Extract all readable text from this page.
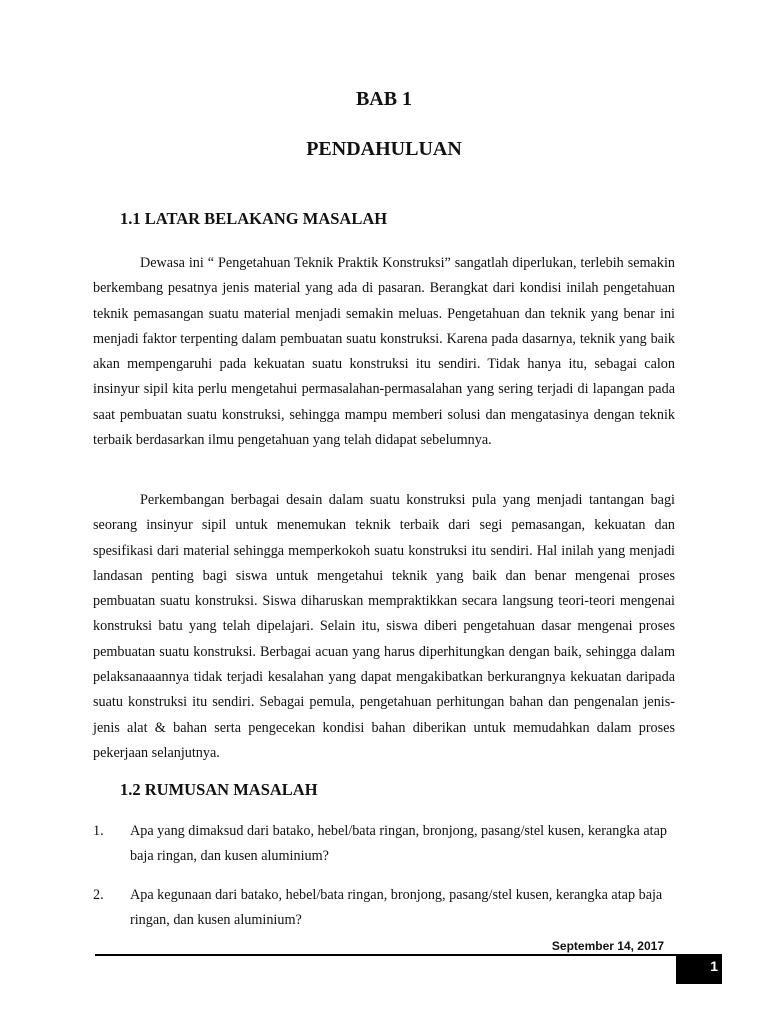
BAB 1
PENDAHULUAN
1.1 LATAR BELAKANG MASALAH

Dewasa ini “ Pengetahuan Teknik Praktik Konstruksi” sangatlah diperlukan, terlebih semakin berkembang pesatnya jenis material yang ada di pasaran. Berangkat dari kondisi inilah pengetahuan teknik pemasangan suatu material menjadi semakin meluas. Pengetahuan dan teknik yang benar ini menjadi faktor terpenting dalam pembuatan suatu konstruksi. Karena pada dasarnya, teknik yang baik akan mempengaruhi pada kekuatan suatu konstruksi itu sendiri. Tidak hanya itu, sebagai calon insinyur sipil kita perlu mengetahui permasalahan-permasalahan yang sering terjadi di lapangan pada saat pembuatan suatu konstruksi, sehingga mampu memberi solusi dan mengatasinya dengan teknik terbaik berdasarkan ilmu pengetahuan yang telah didapat sebelumnya.

Perkembangan berbagai desain dalam suatu konstruksi pula yang menjadi tantangan bagi seorang insinyur sipil untuk menemukan teknik terbaik dari segi pemasangan, kekuatan dan spesifikasi dari material sehingga memperkokoh suatu konstruksi itu sendiri. Hal inilah yang menjadi landasan penting bagi siswa untuk mengetahui teknik yang baik dan benar mengenai proses pembuatan suatu konstruksi. Siswa diharuskan mempraktikkan secara langsung teori-teori mengenai konstruksi batu yang telah dipelajari. Selain itu, siswa diberi pengetahuan dasar mengenai proses pembuatan suatu konstruksi. Berbagai acuan yang harus diperhitungkan dengan baik, sehingga dalam pelaksanaaannya tidak terjadi kesalahan yang dapat mengakibatkan berkurangnya kekuatan daripada suatu konstruksi itu sendiri. Sebagai pemula, pengetahuan perhitungan bahan dan pengenalan jenis-jenis alat & bahan serta pengecekan kondisi bahan diberikan untuk memudahkan dalam proses pekerjaan selanjutnya.

1.2 RUMUSAN MASALAH
1. Apa yang dimaksud dari batako, hebel/bata ringan, bronjong, pasang/stel kusen, kerangka atap baja ringan, dan kusen aluminium?
2. Apa kegunaan dari batako, hebel/bata ringan, bronjong, pasang/stel kusen, kerangka atap baja ringan, dan kusen aluminium?
September 14, 2017
1
